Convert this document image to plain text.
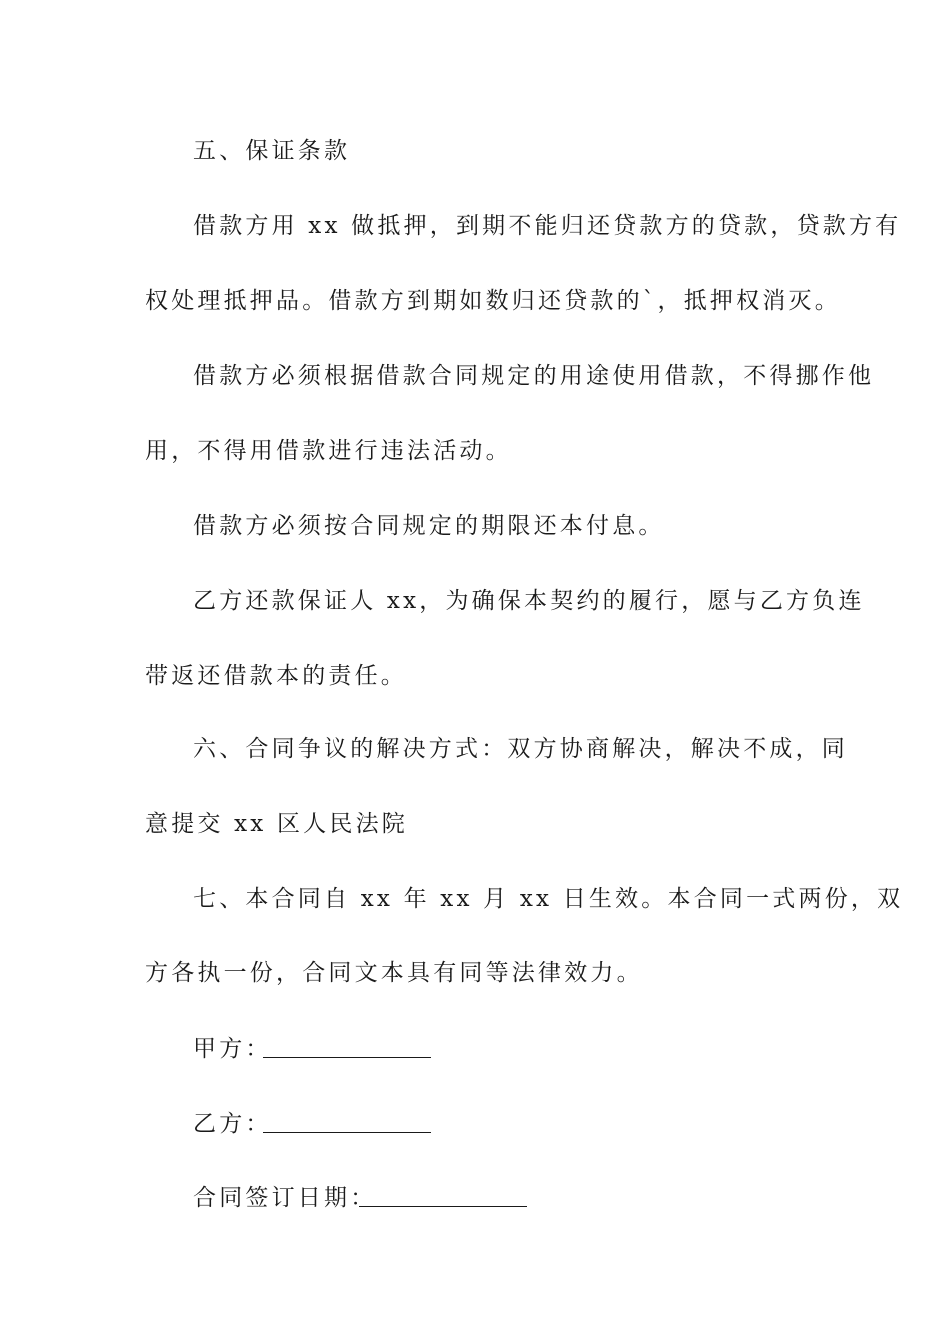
五、保证条款
借款方用 xx 做抵押，到期不能归还贷款方的贷款，贷款方有
权处理抵押品。借款方到期如数归还贷款的`，抵押权消灭。
借款方必须根据借款合同规定的用途使用借款，不得挪作他
用，不得用借款进行违法活动。
借款方必须按合同规定的期限还本付息。
乙方还款保证人 xx，为确保本契约的履行，愿与乙方负连
带返还借款本的责任。
六、合同争议的解决方式：双方协商解决，解决不成，同
意提交 xx 区人民法院
七、本合同自 xx 年 xx 月 xx 日生效。本合同一式两份，双
方各执一份，合同文本具有同等法律效力。
甲方：
乙方：
合同签订日期：
